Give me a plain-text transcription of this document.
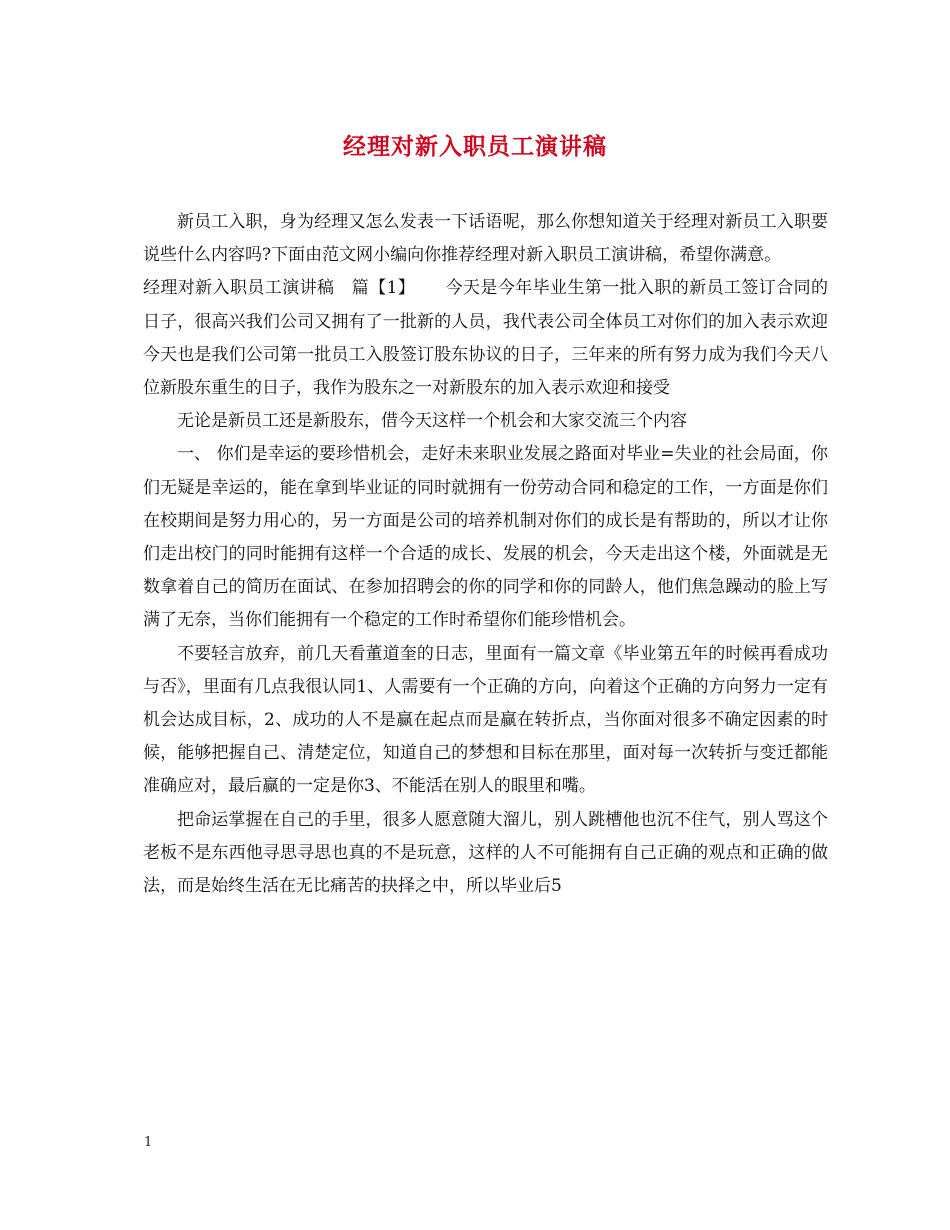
经理对新入职员工演讲稿

新员工入职，身为经理又怎么发表一下话语呢，那么你想知道关于经理对新员工入职要说些什么内容吗?下面由范文网小编向你推荐经理对新入职员工演讲稿，希望你满意。

经理对新入职员工演讲稿　篇【1】 今天是今年毕业生第一批入职的新员工签订合同的日子，很高兴我们公司又拥有了一批新的人员，我代表公司全体员工对你们的加入表示欢迎 今天也是我们公司第一批员工入股签订股东协议的日子，三年来的所有努力成为我们今天八位新股东重生的日子，我作为股东之一对新股东的加入表示欢迎和接受

无论是新员工还是新股东，借今天这样一个机会和大家交流三个内容

一、 你们是幸运的要珍惜机会，走好未来职业发展之路面对毕业=失业的社会局面，你们无疑是幸运的，能在拿到毕业证的同时就拥有一份劳动合同和稳定的工作，一方面是你们在校期间是努力用心的，另一方面是公司的培养机制对你们的成长是有帮助的，所以才让你们走出校门的同时能拥有这样一个合适的成长、发展的机会，今天走出这个楼，外面就是无数拿着自己的简历在面试、在参加招聘会的你的同学和你的同龄人，他们焦急躁动的脸上写满了无奈，当你们能拥有一个稳定的工作时希望你们能珍惜机会。

不要轻言放弃，前几天看董道奎的日志，里面有一篇文章《毕业第五年的时候再看成功与否》，里面有几点我很认同1、人需要有一个正确的方向，向着这个正确的方向努力一定有机会达成目标，2、成功的人不是赢在起点而是赢在转折点，当你面对很多不确定因素的时候，能够把握自己、清楚定位，知道自己的梦想和目标在那里，面对每一次转折与变迁都能准确应对，最后赢的一定是你3、不能活在别人的眼里和嘴。

把命运掌握在自己的手里，很多人愿意随大溜儿，别人跳槽他也沉不住气，别人骂这个老板不是东西他寻思寻思也真的不是玩意，这样的人不可能拥有自己正确的观点和正确的做法，而是始终生活在无比痛苦的抉择之中，所以毕业后5

1
